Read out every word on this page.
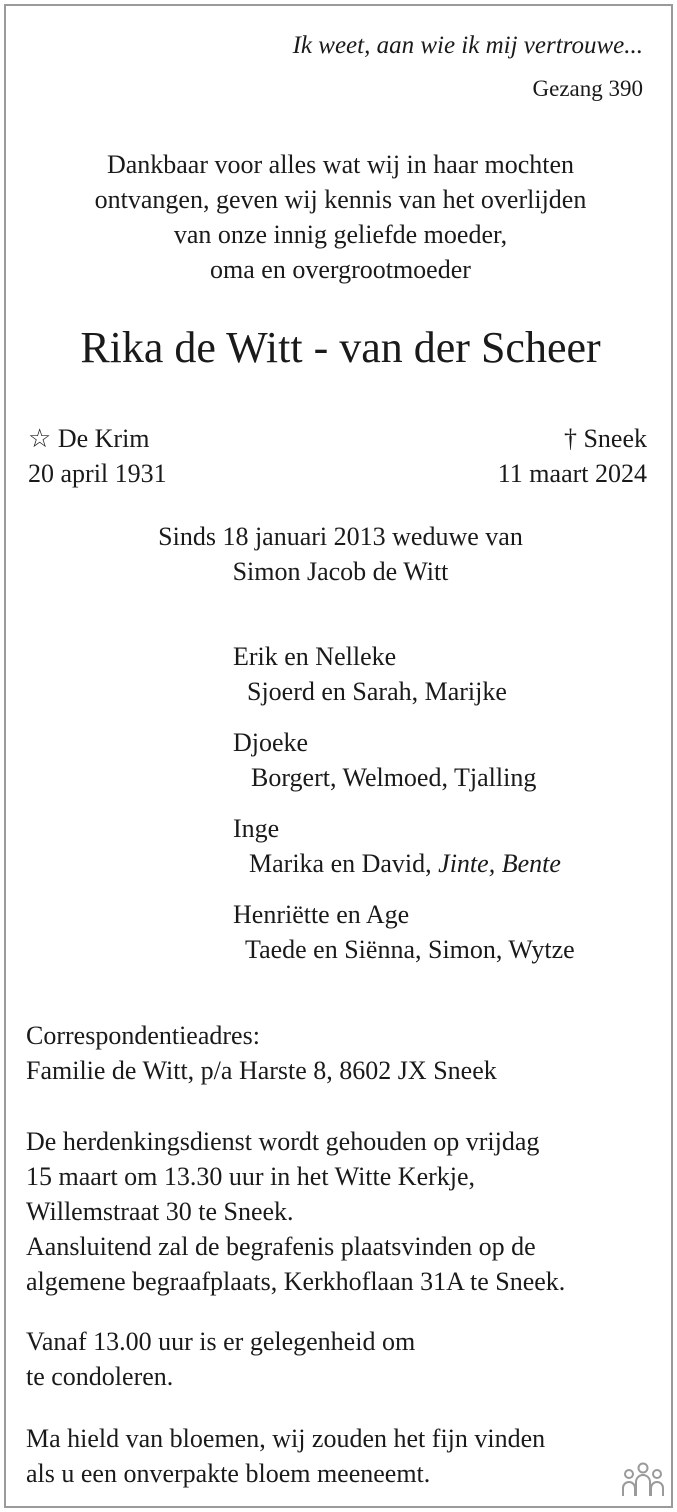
Ik weet, aan wie ik mij vertrouwe...
Gezang 390
Dankbaar voor alles wat wij in haar mochten
ontvangen, geven wij kennis van het overlijden
van onze innig geliefde moeder,
oma en overgrootmoeder
Rika de Witt - van der Scheer
☆ De Krim
20 april 1931
† Sneek
11 maart 2024
Sinds 18 januari 2013 weduwe van
Simon Jacob de Witt
Erik en Nelleke
Sjoerd en Sarah, Marijke
Djoeke
Borgert, Welmoed, Tjalling
Inge
Marika en David, Jinte, Bente
Henriëtte en Age
Taede en Siënna, Simon, Wytze
Correspondentieadres:
Familie de Witt, p/a Harste 8, 8602 JX Sneek
De herdenkingsdienst wordt gehouden op vrijdag
15 maart om 13.30 uur in het Witte Kerkje,
Willemstraat 30 te Sneek.
Aansluitend zal de begrafenis plaatsvinden op de
algemene begraafplaats, Kerkhoflaan 31A te Sneek.
Vanaf 13.00 uur is er gelegenheid om
te condoleren.
Ma hield van bloemen, wij zouden het fijn vinden
als u een onverpakte bloem meeneemt.
